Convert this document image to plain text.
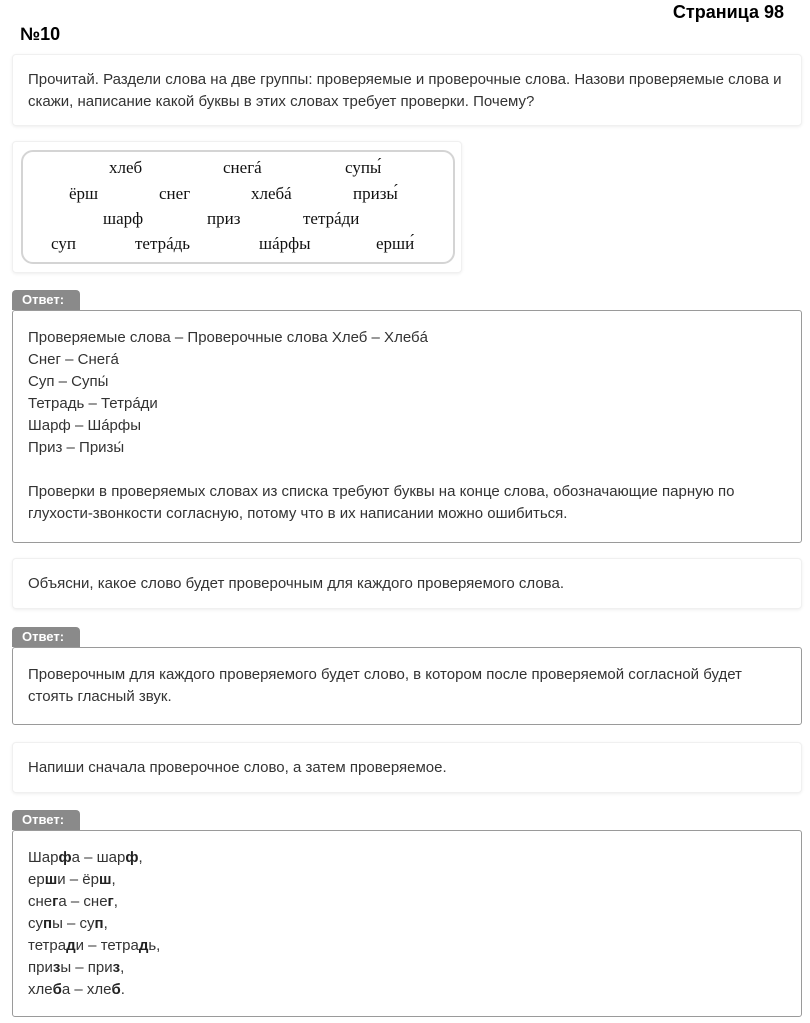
Страница 98
№10
Прочитай. Раздели слова на две группы: проверяемые и проверочные слова. Назови проверяемые слова и скажи, написание какой буквы в этих словах требует проверки. Почему?
хлеб	снегá	супы́
ёрш	снег	хлебá	призы́
шарф	приз	тетрáди
суп	тетрáдь	шáрфы	ерши́
Ответ:
Проверяемые слова – Проверочные слова Хлеб – Хлебá
Снег – Снегá
Суп – Супы́
Тетрадь – Тетрáди
Шарф – Шáрфы
Приз – Призы́
Проверки в проверяемых словах из списка требуют буквы на конце слова, обозначающие парную по глухости-звонкости согласную, потому что в их написании можно ошибиться.
Объясни, какое слово будет проверочным для каждого проверяемого слова.
Ответ:
Проверочным для каждого проверяемого будет слово, в котором после проверяемой согласной будет стоять гласный звук.
Напиши сначала проверочное слово, а затем проверяемое.
Ответ:
Шарфа – шарф,
ерши – ёрш,
снега – снег,
супы – суп,
тетради – тетрадь,
призы – приз,
хлеба – хлеб.
